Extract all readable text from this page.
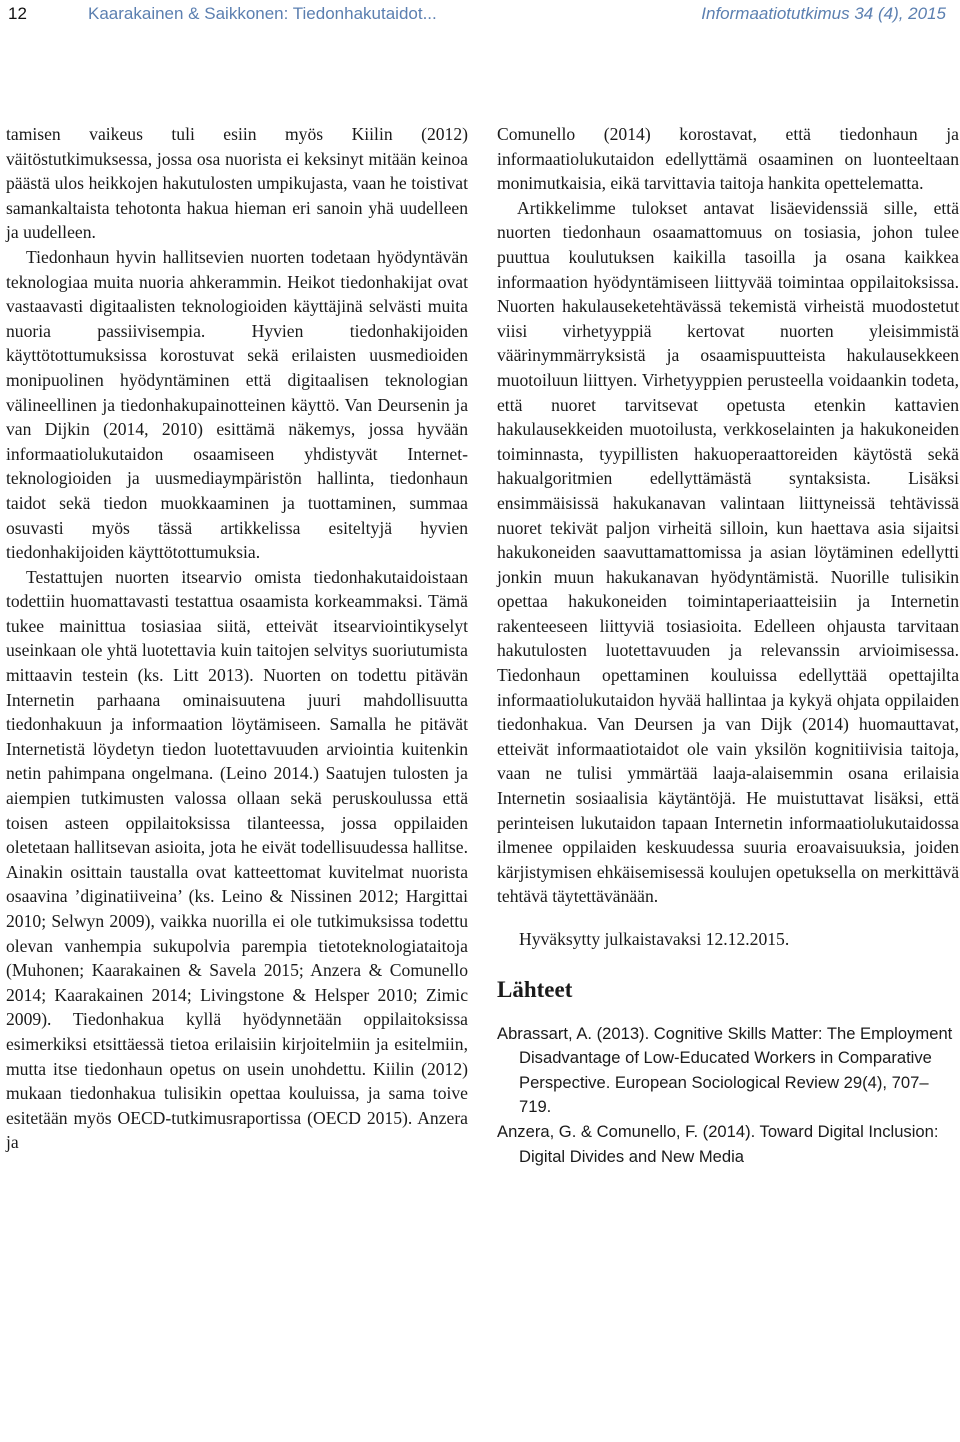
12	Kaarakainen & Saikkonen: Tiedonhakutaidot...	Informaatiotutkimus 34 (4), 2015

tamisen vaikeus tuli esiin myös Kiilin (2012) väitöstutkimuksessa, jossa osa nuorista ei keksinyt mitään keinoa päästä ulos heikkojen hakutulosten umpikujasta, vaan he toistivat samankaltaista tehotonta hakua hieman eri sanoin yhä uudelleen ja uudelleen.

Tiedonhaun hyvin hallitsevien nuorten todetaan hyödyntävän teknologiaa muita nuoria ahkerammin. Heikot tiedonhakijat ovat vastaavasti digitaalisten teknologioiden käyttäjinä selvästi muita nuoria passiivisempia. Hyvien tiedonhakijoiden käyttötottumuksissa korostuvat sekä erilaisten uusmedioiden monipuolinen hyödyntäminen että digitaalisen teknologian välineellinen ja tiedonhakupainotteinen käyttö. Van Deursenin ja van Dijkin (2014, 2010) esittämä näkemys, jossa hyvään informaatiolukutaidon osaamiseen yhdistyvät Internet-teknologioiden ja uusmediaympäristön hallinta, tiedonhaun taidot sekä tiedon muokkaaminen ja tuottaminen, summaa osuvasti myös tässä artikkelissa esiteltyjä hyvien tiedonhakijoiden käyttötottumuksia.

Testattujen nuorten itsearvio omista tiedonhakutaidoistaan todettiin huomattavasti testattua osaamista korkeammaksi. Tämä tukee mainittua tosiasiaa siitä, etteivät itsearviointikyselyt useinkaan ole yhtä luotettavia kuin taitojen selvitys suoriutumista mittaavin testein (ks. Litt 2013). Nuorten on todettu pitävän Internetin parhaana ominaisuutena juuri mahdollisuutta tiedonhakuun ja informaation löytämiseen. Samalla he pitävät Internetistä löydetyn tiedon luotettavuuden arviointia kuitenkin netin pahimpana ongelmana. (Leino 2014.) Saatujen tulosten ja aiempien tutkimusten valossa ollaan sekä peruskoulussa että toisen asteen oppilaitoksissa tilanteessa, jossa oppilaiden oletetaan hallitsevan asioita, jota he eivät todellisuudessa hallitse. Ainakin osittain taustalla ovat katteettomat kuvitelmat nuorista osaavina ’diginatiiveina’ (ks. Leino & Nissinen 2012; Hargittai 2010; Selwyn 2009), vaikka nuorilla ei ole tutkimuksissa todettu olevan vanhempia sukupolvia parempia tietoteknologiataitoja (Muhonen; Kaarakainen & Savela 2015; Anzera & Comunello 2014; Kaarakainen 2014; Livingstone & Helsper 2010; Zimic 2009). Tiedonhakua kyllä hyödynnetään oppilaitoksissa esimerkiksi etsittäessä tietoa erilaisiin kirjoitelmiin ja esitelmiin, mutta itse tiedonhaun opetus on usein unohdettu. Kiilin (2012) mukaan tiedonhakua tulisikin opettaa kouluissa, ja sama toive esitetään myös OECD-tutkimusraportissa (OECD 2015). Anzera ja

Comunello (2014) korostavat, että tiedonhaun ja informaatiolukutaidon edellyttämä osaaminen on luonteeltaan monimutkaisia, eikä tarvittavia taitoja hankita opettelematta.

Artikkelimme tulokset antavat lisäevidenssiä sille, että nuorten tiedonhaun osaamattomuus on tosiasia, johon tulee puuttua koulutuksen kaikilla tasoilla ja osana kaikkea informaation hyödyntämiseen liittyvää toimintaa oppilaitoksissa. Nuorten hakulauseketehtävässä tekemistä virheistä muodostetut viisi virhetyyppiä kertovat nuorten yleisimmistä väärinymmärryksistä ja osaamispuutteista hakulausekkeen muotoiluun liittyen. Virhetyyppien perusteella voidaankin todeta, että nuoret tarvitsevat opetusta etenkin kattavien hakulausekkeiden muotoilusta, verkkoselainten ja hakukoneiden toiminnasta, tyypillisten hakuoperaattoreiden käytöstä sekä hakualgoritmien edellyttämästä syntaksista. Lisäksi ensimmäisissä hakukanavan valintaan liittyneissä tehtävissä nuoret tekivät paljon virheitä silloin, kun haettava asia sijaitsi hakukoneiden saavuttamattomissa ja asian löytäminen edellytti jonkin muun hakukanavan hyödyntämistä. Nuorille tulisikin opettaa hakukoneiden toimintaperiaatteisiin ja Internetin rakenteeseen liittyviä tosiasioita. Edelleen ohjausta tarvitaan hakutulosten luotettavuuden ja relevanssin arvioimisessa. Tiedonhaun opettaminen kouluissa edellyttää opettajilta informaatiolukutaidon hyvää hallintaa ja kykyä ohjata oppilaiden tiedonhakua. Van Deursen ja van Dijk (2014) huomauttavat, etteivät informaatiotaidot ole vain yksilön kognitiivisia taitoja, vaan ne tulisi ymmärtää laaja-alaisemmin osana erilaisia Internetin sosiaalisia käytäntöjä. He muistuttavat lisäksi, että perinteisen lukutaidon tapaan Internetin informaatiolukutaidossa ilmenee oppilaiden keskuudessa suuria eroavaisuuksia, joiden kärjistymisen ehkäisemisessä koulujen opetuksella on merkittävä tehtävä täytettävänään.

Hyväksytty julkaistavaksi 12.12.2015.

Lähteet

Abrassart, A. (2013). Cognitive Skills Matter: The Employment Disadvantage of Low-Educated Workers in Comparative Perspective. European Sociological Review 29(4), 707–719.

Anzera, G. & Comunello, F. (2014). Toward Digital Inclusion: Digital Divides and New Media
